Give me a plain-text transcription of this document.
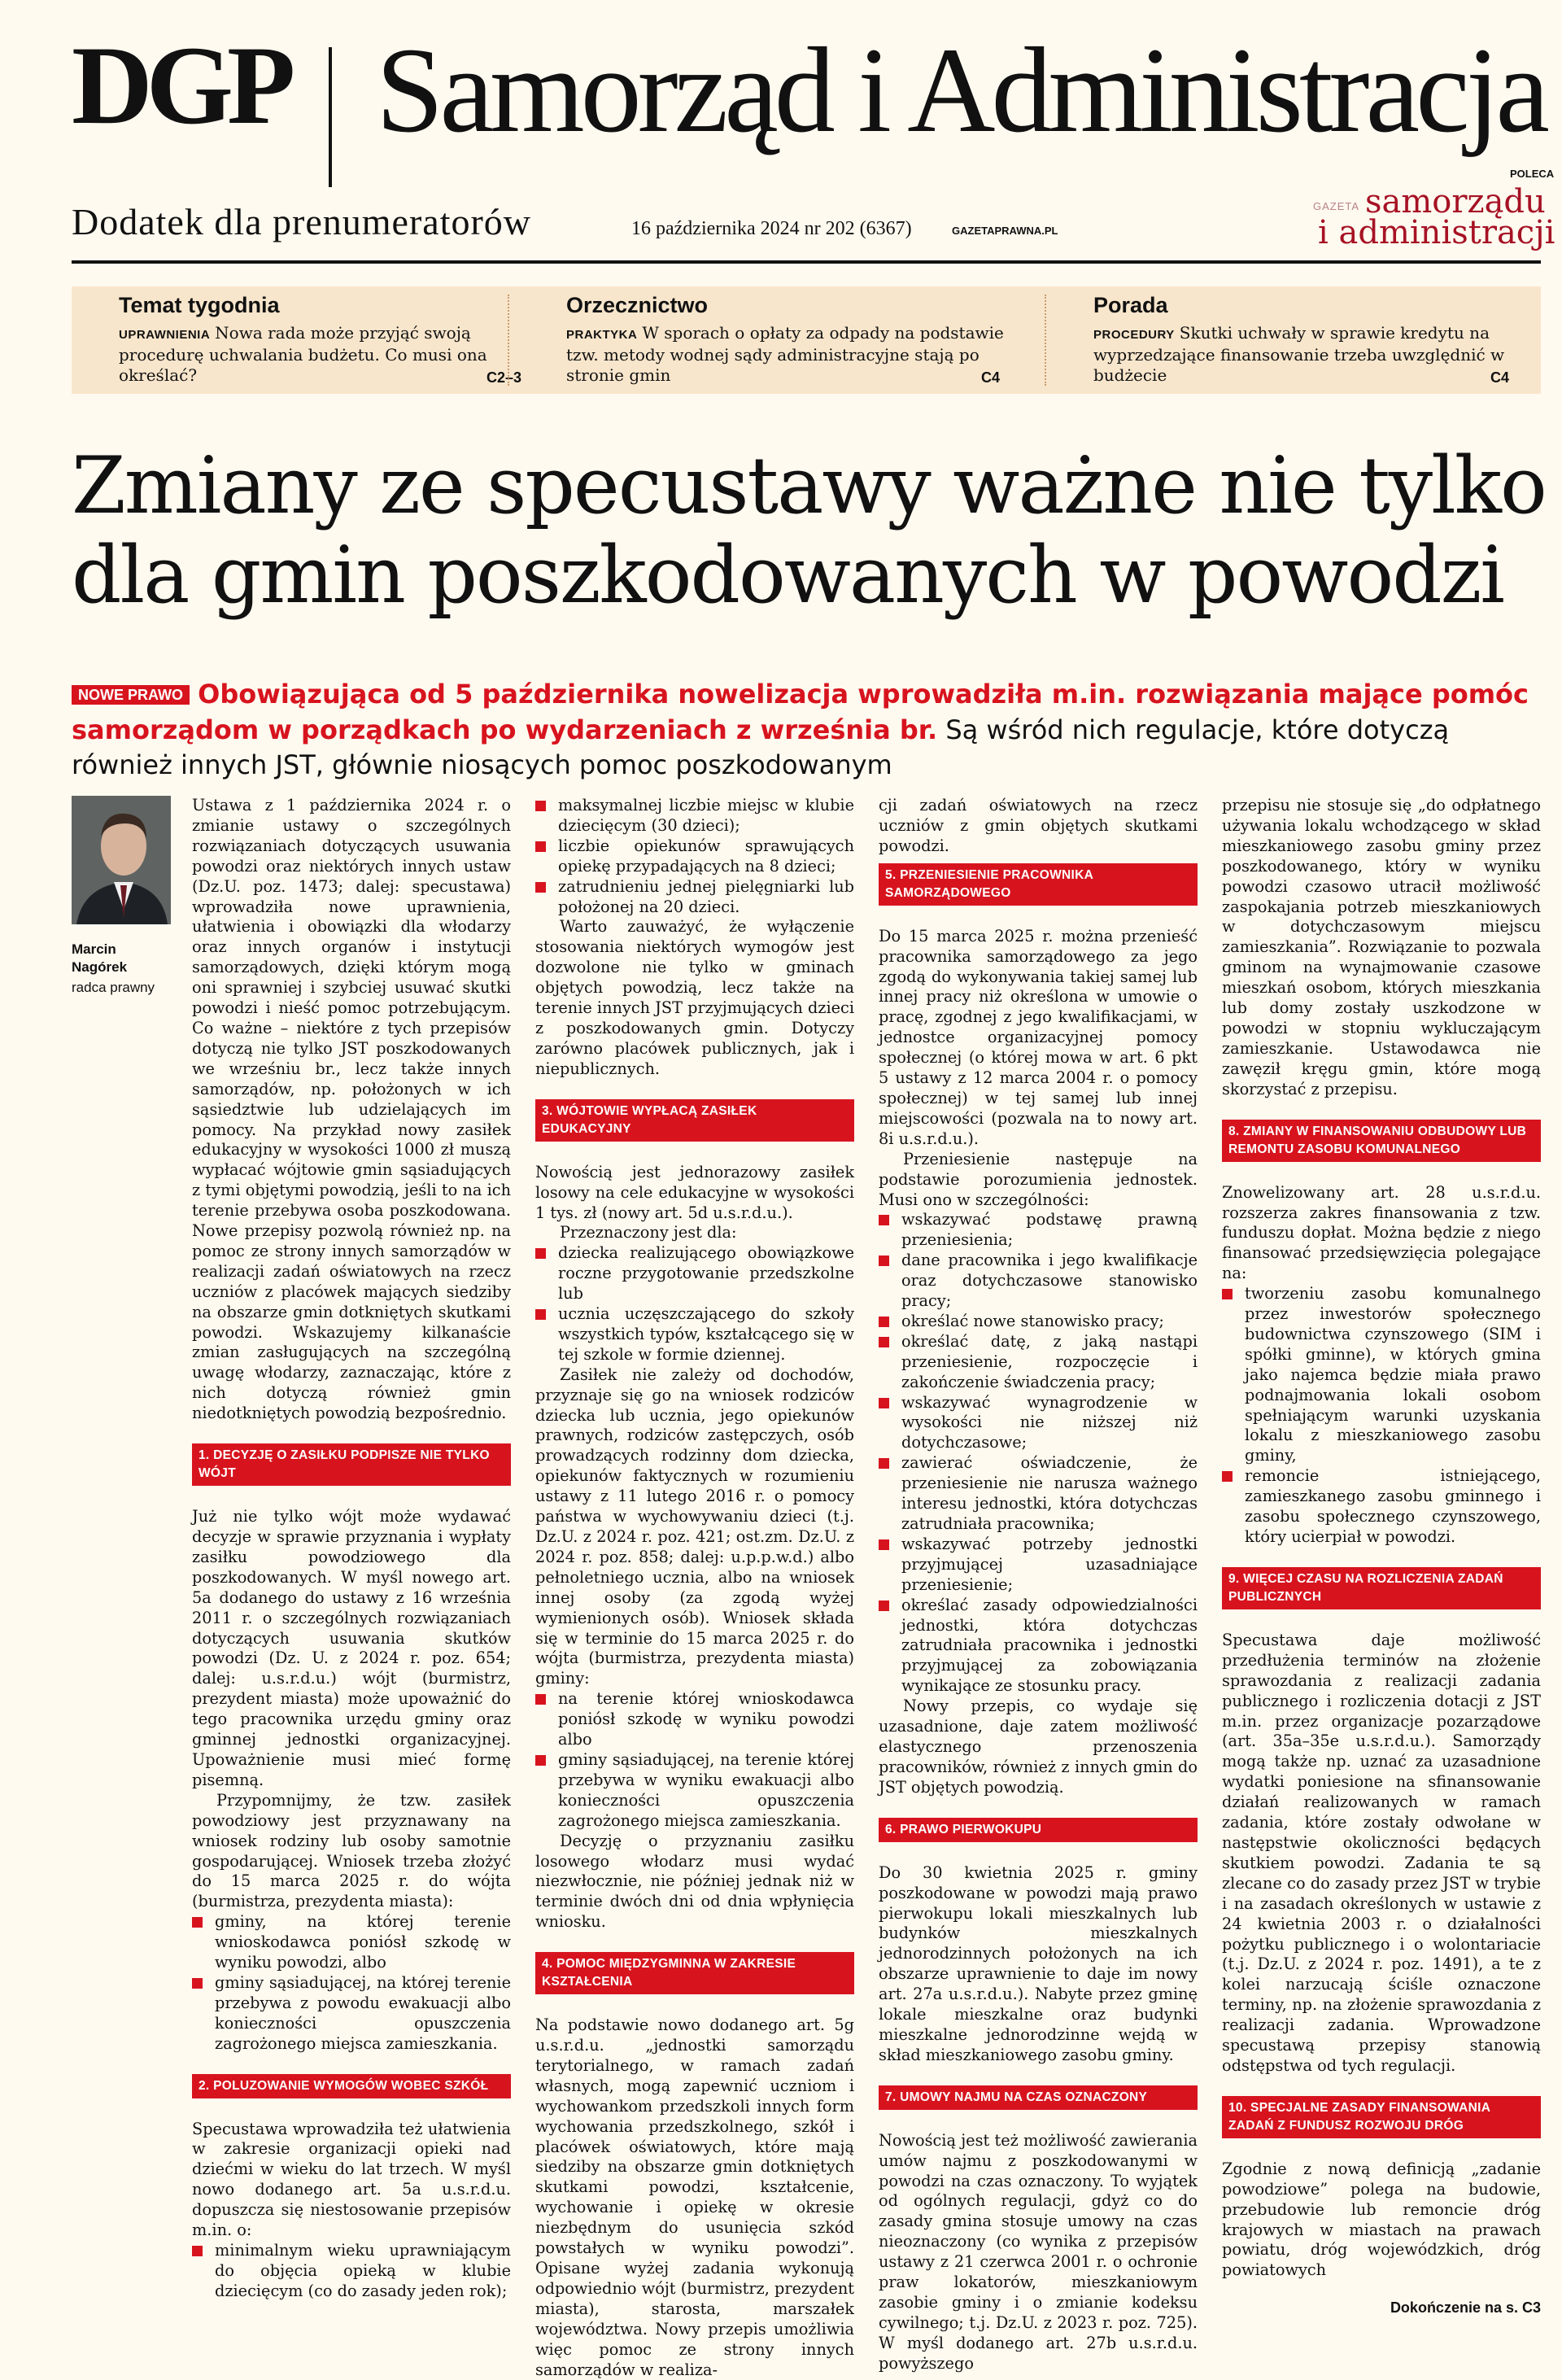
DGP Samorząd i Administracja
Dodatek dla prenumeratorów	16 października 2024 nr 202 (6367)	GAZETAPRAWNA.PL
POLECA
GAZETA samorządu
i administracji
Temat tygodnia
UPRAWNIENIA Nowa rada może przyjąć swoją procedurę uchwalania budżetu. Co musi ona określać?	C2–3
Orzecznictwo
PRAKTYKA W sporach o opłaty za odpady na podstawie tzw. metody wodnej sądy administracyjne stają po stronie gmin	C4
Porada
PROCEDURY Skutki uchwały w sprawie kredytu na wyprzedzające finansowanie trzeba uwzględnić w budżecie	C4
Zmiany ze specustawy ważne nie tylko
dla gmin poszkodowanych w powodzi
NOWE PRAWO Obowiązująca od 5 października nowelizacja wprowadziła m.in. rozwiązania mające pomóc samorządom w porządkach po wydarzeniach z września br. Są wśród nich regulacje, które dotyczą również innych JST, głównie niosących pomoc poszkodowanym
Marcin Nagórek
radca prawny

Ustawa z 1 października 2024 r. o zmianie ustawy o szczególnych rozwiązaniach dotyczących usuwania powodzi oraz niektórych innych ustaw (Dz.U. poz. 1473; dalej: specustawa) wprowadziła nowe uprawnienia, ułatwienia i obowiązki dla włodarzy oraz innych organów i instytucji samorządowych, dzięki którym mogą oni sprawniej i szybciej usuwać skutki powodzi i nieść pomoc potrzebującym. Co ważne – niektóre z tych przepisów dotyczą nie tylko JST poszkodowanych we wrześniu br., lecz także innych samorządów, np. położonych w ich sąsiedztwie lub udzielających im pomocy. Na przykład nowy zasiłek edukacyjny w wysokości 1000 zł muszą wypłacać wójtowie gmin sąsiadujących z tymi objętymi powodzią, jeśli to na ich terenie przebywa osoba poszkodowana. Nowe przepisy pozwolą również np. na pomoc ze strony innych samorządów w realizacji zadań oświatowych na rzecz uczniów z placówek mających siedziby na obszarze gmin dotkniętych skutkami powodzi. Wskazujemy kilkanaście zmian zasługujących na szczególną uwagę włodarzy, zaznaczając, które z nich dotyczą również gmin niedotkniętych powodzią bezpośrednio.

1. DECYZJĘ O ZASIŁKU PODPISZE NIE TYLKO WÓJT

Już nie tylko wójt może wydawać decyzje w sprawie przyznania i wypłaty zasiłku powodziowego dla poszkodowanych. W myśl nowego art. 5a dodanego do ustawy z 16 września 2011 r. o szczególnych rozwiązaniach dotyczących usuwania skutków powodzi (Dz. U. z 2024 r. poz. 654; dalej: u.s.r.d.u.) wójt (burmistrz, prezydent miasta) może upoważnić do tego pracownika urzędu gminy oraz gminnej jednostki organizacyjnej. Upoważnienie musi mieć formę pisemną.

Przypomnijmy, że tzw. zasiłek powodziowy jest przyznawany na wniosek rodziny lub osoby samotnie gospodarującej. Wniosek trzeba złożyć do 15 marca 2025 r. do wójta (burmistrza, prezydenta miasta):

gminy, na której terenie wnioskodawca poniósł szkodę w wyniku powodzi, albo
gminy sąsiadującej, na której terenie przebywa z powodu ewakuacji albo konieczności opuszczenia zagrożonego miejsca zamieszkania.
2. POLUZOWANIE WYMOGÓW WOBEC SZKÓŁ

Specustawa wprowadziła też ułatwienia w zakresie organizacji opieki nad dziećmi w wieku do lat trzech. W myśl nowo dodanego art. 5a u.s.r.d.u. dopuszcza się niestosowanie przepisów m.in. o:

minimalnym wieku uprawniającym do objęcia opieką w klubie dziecięcym (co do zasady jeden rok);
maksymalnej liczbie miejsc w klubie dziecięcym (30 dzieci);
liczbie opiekunów sprawujących opiekę przypadających na 8 dzieci;
zatrudnieniu jednej pielęgniarki lub położonej na 20 dzieci.

Warto zauważyć, że wyłączenie stosowania niektórych wymogów jest dozwolone nie tylko w gminach objętych powodzią, lecz także na terenie innych JST przyjmujących dzieci z poszkodowanych gmin. Dotyczy zarówno placówek publicznych, jak i niepublicznych.

3. WÓJTOWIE WYPŁACĄ ZASIŁEK EDUKACYJNY

Nowością jest jednorazowy zasiłek losowy na cele edukacyjne w wysokości 1 tys. zł (nowy art. 5d u.s.r.d.u.).

Przeznaczony jest dla:

dziecka realizującego obowiązkowe roczne przygotowanie przedszkolne lub
ucznia uczęszczającego do szkoły wszystkich typów, kształcącego się w tej szkole w formie dziennej.

Zasiłek nie zależy od dochodów, przyznaje się go na wniosek rodziców dziecka lub ucznia, jego opiekunów prawnych, rodziców zastępczych, osób prowadzących rodzinny dom dziecka, opiekunów faktycznych w rozumieniu ustawy z 11 lutego 2016 r. o pomocy państwa w wychowywaniu dzieci (t.j. Dz.U. z 2024 r. poz. 421; ost.zm. Dz.U. z 2024 r. poz. 858; dalej: u.p.p.w.d.) albo pełnoletniego ucznia, albo na wniosek innej osoby (za zgodą wyżej wymienionych osób). Wniosek składa się w terminie do 15 marca 2025 r. do wójta (burmistrza, prezydenta miasta) gminy:

na terenie której wnioskodawca poniósł szkodę w wyniku powodzi albo
gminy sąsiadującej, na terenie której przebywa w wyniku ewakuacji albo konieczności opuszczenia zagrożonego miejsca zamieszkania.

Decyzję o przyznaniu zasiłku losowego włodarz musi wydać niezwłocznie, nie później jednak niż w terminie dwóch dni od dnia wpłynięcia wniosku.

4. POMOC MIĘDZYGMINNA W ZAKRESIE KSZTAŁCENIA

Na podstawie nowo dodanego art. 5g u.s.r.d.u. „jednostki samorządu terytorialnego, w ramach zadań własnych, mogą zapewnić uczniom i wychowankom przedszkoli innych form wychowania przedszkolnego, szkół i placówek oświatowych, które mają siedziby na obszarze gmin dotkniętych skutkami powodzi, kształcenie, wychowanie i opiekę w okresie niezbędnym do usunięcia szkód powstałych w wyniku powodzi”. Opisane wyżej zadania wykonują odpowiednio wójt (burmistrz, prezydent miasta), starosta, marszałek województwa. Nowy przepis umożliwia więc pomoc ze strony innych samorządów w realiza-

cji zadań oświatowych na rzecz uczniów z gmin objętych skutkami powodzi.

5. PRZENIESIENIE PRACOWNIKA SAMORZĄDOWEGO

Do 15 marca 2025 r. można przenieść pracownika samorządowego za jego zgodą do wykonywania takiej samej lub innej pracy niż określona w umowie o pracę, zgodnej z jego kwalifikacjami, w jednostce organizacyjnej pomocy społecznej (o której mowa w art. 6 pkt 5 ustawy z 12 marca 2004 r. o pomocy społecznej) w tej samej lub innej miejscowości (pozwala na to nowy art. 8i u.s.r.d.u.).

Przeniesienie następuje na podstawie porozumienia jednostek. Musi ono w szczególności:

wskazywać podstawę prawną przeniesienia;
dane pracownika i jego kwalifikacje oraz dotychczasowe stanowisko pracy;
określać nowe stanowisko pracy;
określać datę, z jaką nastąpi przeniesienie, rozpoczęcie i zakończenie świadczenia pracy;
wskazywać wynagrodzenie w wysokości nie niższej niż dotychczasowe;
zawierać oświadczenie, że przeniesienie nie narusza ważnego interesu jednostki, która dotychczas zatrudniała pracownika;
wskazywać potrzeby jednostki przyjmującej uzasadniające przeniesienie;
określać zasady odpowiedzialności jednostki, która dotychczas zatrudniała pracownika i jednostki przyjmującej za zobowiązania wynikające ze stosunku pracy.

Nowy przepis, co wydaje się uzasadnione, daje zatem możliwość elastycznego przenoszenia pracowników, również z innych gmin do JST objętych powodzią.

6. PRAWO PIERWOKUPU

Do 30 kwietnia 2025 r. gminy poszkodowane w powodzi mają prawo pierwokupu lokali mieszkalnych lub budynków mieszkalnych jednorodzinnych położonych na ich obszarze uprawnienie to daje im nowy art. 27a u.s.r.d.u.). Nabyte przez gminę lokale mieszkalne oraz budynki mieszkalne jednorodzinne wejdą w skład mieszkaniowego zasobu gminy.

7. UMOWY NAJMU NA CZAS OZNACZONY

Nowością jest też możliwość zawierania umów najmu z poszkodowanymi w powodzi na czas oznaczony. To wyjątek od ogólnych regulacji, gdyż co do zasady gmina stosuje umowy na czas nieoznaczony (co wynika z przepisów ustawy z 21 czerwca 2001 r. o ochronie praw lokatorów, mieszkaniowym zasobie gminy i o zmianie kodeksu cywilnego; t.j. Dz.U. z 2023 r. poz. 725). W myśl dodanego art. 27b u.s.r.d.u. powyższego

przepisu nie stosuje się „do odpłatnego używania lokalu wchodzącego w skład mieszkaniowego zasobu gminy przez poszkodowanego, który w wyniku powodzi czasowo utracił możliwość zaspokajania potrzeb mieszkaniowych w dotychczasowym miejscu zamieszkania”. Rozwiązanie to pozwala gminom na wynajmowanie czasowe mieszkań osobom, których mieszkania lub domy zostały uszkodzone w powodzi w stopniu wykluczającym zamieszkanie. Ustawodawca nie zawęził kręgu gmin, które mogą skorzystać z przepisu.

8. ZMIANY W FINANSOWANIU ODBUDOWY LUB REMONTU ZASOBU KOMUNALNEGO

Znowelizowany art. 28 u.s.r.d.u. rozszerza zakres finansowania z tzw. funduszu dopłat. Można będzie z niego finansować przedsięwzięcia polegające na:

tworzeniu zasobu komunalnego przez inwestorów społecznego budownictwa czynszowego (SIM i spółki gminne), w których gmina jako najemca będzie miała prawo podnajmowania lokali osobom spełniającym warunki uzyskania lokalu z mieszkaniowego zasobu gminy,
remoncie istniejącego, zamieszkanego zasobu gminnego i zasobu społecznego czynszowego, który ucierpiał w powodzi.
9. WIĘCEJ CZASU NA ROZLICZENIA ZADAŃ PUBLICZNYCH

Specustawa daje możliwość przedłużenia terminów na złożenie sprawozdania z realizacji zadania publicznego i rozliczenia dotacji z JST m.in. przez organizacje pozarządowe (art. 35a–35e u.s.r.d.u.). Samorządy mogą także np. uznać za uzasadnione wydatki poniesione na sfinansowanie działań realizowanych w ramach zadania, które zostały odwołane w następstwie okoliczności będących skutkiem powodzi. Zadania te są zlecane co do zasady przez JST w trybie i na zasadach określonych w ustawie z 24 kwietnia 2003 r. o działalności pożytku publicznego i o wolontariacie (t.j. Dz.U. z 2024 r. poz. 1491), a te z kolei narzucają ściśle oznaczone terminy, np. na złożenie sprawozdania z realizacji zadania. Wprowadzone specustawą przepisy stanowią odstępstwa od tych regulacji.

10. SPECJALNE ZASADY FINANSOWANIA ZADAŃ Z FUNDUSZ ROZWOJU DRÓG

Zgodnie z nową definicją „zadanie powodziowe” polega na budowie, przebudowie lub remoncie dróg krajowych w miastach na prawach powiatu, dróg wojewódzkich, dróg powiatowych

Dokończenie na s. C3
